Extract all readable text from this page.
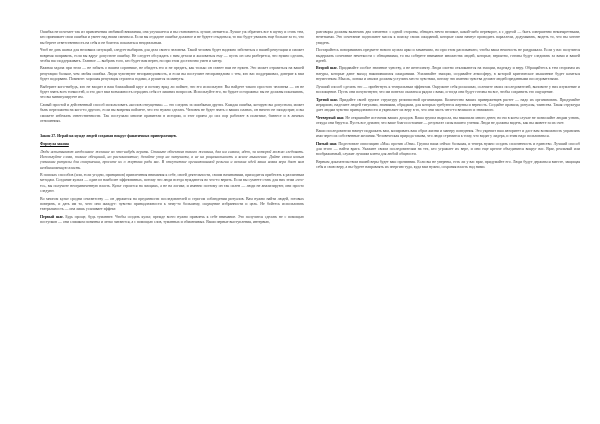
Ошибка не исчезает так из привлечения любимой внимания, она улучшается и вы становитесь лучше, меняется. Лучше уж обратить все в шутку и стать тем, кто принимает свои ошибки и умеет над ними смеяться. Если вы отдадите ошибке должное и не будете стыдиться, то вас будут уважать еще больше за то, что вы берете ответственность на себя и не боитесь показаться неидеальным.

Чтоб не дать шанса для неловких ситуаций, следует выбирать для дела своего человека. Такой человек будет надежно заботиться о вашей репутации и сможет вовремя поправить, если вы вдруг допустите ошибку. Не следует обсуждать с ним детали и жаловаться ему — пусть он сам разберется, что нужно сделать, чтобы вас поддерживать. Главное — выбрать того, кто будет вам верен, но при этом достаточно умен и хитер.

Важная задача при этом — не забыть о вашем соратнике, не обидеть его и не предать, как только он станет вам не нужен. Это может отразиться на вашей репутации больше, чем любая ошибка. Люди чувствуют несправедливость, и если вы поступите несправедливо с тем, кто вас поддерживал, доверие к вам будет подорвано. Помните: хорошая репутация строится годами, а рушится за минуты.

Выберите кого-нибудь, кто не входит в ваш ближайший круг и потому вряд ли поймет, что его используют. Вы найдете такого простого человека — он не будет знать всех тонкостей, и это даст вам возможность оградить себя от лишних вопросов. Используйте его, но будьте осторожны: вы не должны показывать, что вы манипулируете им.

Самый простой и действенный способ использовать «козлов отпущения» — это следить за ошибками других. Каждая ошибка, которую вы допустили, может быть переложена на кого-то другого, если вы вовремя поймете, что это нужно сделать. Человек не будет знать о ваших планах, он ничего не заподозрит, и вы сможете избежать ответственности. Так поступали многие правители в истории, и этот прием до сих пор работает в политике, бизнесе и в личных отношениях.

Закон 27. Играй на нужде людей создавая вокруг фанатичных приверженцев.

Формула закона

Люди испытывают неодолимое желание во что-нибудь верить. Станьте объектом такого желания, дав им символ, идею, за которой можно следовать. Используйте слова, полные обещаний, но расплывчатые; делайте упор на энтузиазм, а не на рациональность и ясное мышление. Дайте своим новым ученикам ритуалы для совершения, просите их о жертвах ради вас. В отсутствие организованной религии и великих идей ваша новая вера даст вам необыкновенную власть.

В поисках способов (или, если угодно, принципов) привлечения внимания к себе, своей деятельности, своим начинаниям, приходится прибегать к различным методам. Создание культа — один из наиболее эффективных, потому что люди всегда нуждаются во что-то верить. Если вы сумеете стать для них этим «что-то», вы получите неограниченную власть. Культ строится на эмоциях, а не на логике, и именно поэтому он так силен — люди не анализируют, они просто следуют.

Во многом культ сродни сектантству — он держится на преданности последователей и строгом соблюдении ритуалов. Вам нужно найти людей, готовых поверить, и дать им то, чего они жаждут: чувство принадлежности к чему-то большему, ощущение избранности и цель. Не бойтесь использовать театральность — она лишь усиливает эффект.

Первый шаг. Будь проще, будь туманнее. Чтобы создать культ, прежде всего нужно привлечь к себе внимание. Это получится сделать не с помощью поступков — они слишком понятны и легко читаются, а с помощью слов, туманных и обманчивых. Ваши первые выступления, интервью,

разговоры должны включать два элемента: с одной стороны, обещать нечто великое, какой-либо переворот, а с другой — быть совершенно неконкретными, нечеткими. Это сочетание подтолкнет массы к поиску своих ожиданий, которые сами начнут проводить параллели, додумывать, видеть то, что вы хотите увидеть.

Постарайтесь поворачивать предмете нового культа ярко и заманчиво, но при этом расплывчато, чтобы ваша неясность не раздражала. Если у вас получится выдержать сочетание нечеткости с обещаниями, то вы соберете внимание множества людей, которые, вероятно, готовы будут следовать за вами и вашей идеей.

Второй шаг. Придавайте особое значение чувству, а не интеллекту. Люди охотно откликаются на эмоции, надежду и веру. Обращайтесь к тем сторонам их натуры, которые дают выход накопившимся ожиданиям. Усиливайте эмоции, создавайте атмосферу, в которой критическое мышление будет казаться неуместным. Мысль, логика и анализ должны уступить место чувствам, потому что именно чувства делают людей преданными последователями.

Лучший способ сделать это — прибегнуть к театральным эффектам. Окружите себя роскошью, ослепите своих последователей, вызовите у них изумление и восхищение. Пусть они почувствуют, что им повезло оказаться рядом с вами, и тогда они будут готовы на все, чтобы сохранить это ощущение.

Третий шаг. Придайте своей группе структуру религиозной организации. Количество ваших приверженцев растет — надо их организовать. Придумайте иерархию, наделите людей титулами, званиями, обрядами, для которых требуются жертвы и верность. Создайте правила, ритуалы, таинства. Такая структура дает людям чувство принадлежности и укрепляет их веру в то, что они часть чего-то великого и значимого.

Четвертый шаг. Не открывайте источник ваших доходов. Ваша группа выросла, вы накопили много денег, но ни в коем случае не позволяйте людям узнать, откуда они берутся. Пусть все думают, что ваше благосостояние — результат силы вашего учения. Люди не должны видеть, как вы живете за их счет.

Ваши последователи начнут подражать вам, копировать ваш образ жизни и манеру поведения. Это укрепит ваш авторитет и даст вам возможность управлять ими через их собственные желания. Человеческая природа такова, что люди стремятся к тому, что видят у лидера, и этим надо пользоваться.

Пятый шаг. Подготовьте оппозицию «Мы» против «Они». Группа ваша сейчас большая, и теперь нужно создать сплоченность и единство. Лучший способ для этого — найти врага. Укажите своим последователям на тех, кто угрожает их вере, и они еще крепче объединятся вокруг вас. Враг, реальный или воображаемый, служит лучшим клеем для любой общности.

Верным доказательством вашей веры будет ваш противник. Если вы не уверены, есть ли у вас враг, придумайте его. Люди будут держаться вместе, защищая себя и свою веру, а вы будете направлять их энергию туда, куда вам нужно, сохраняя власть над ними.
